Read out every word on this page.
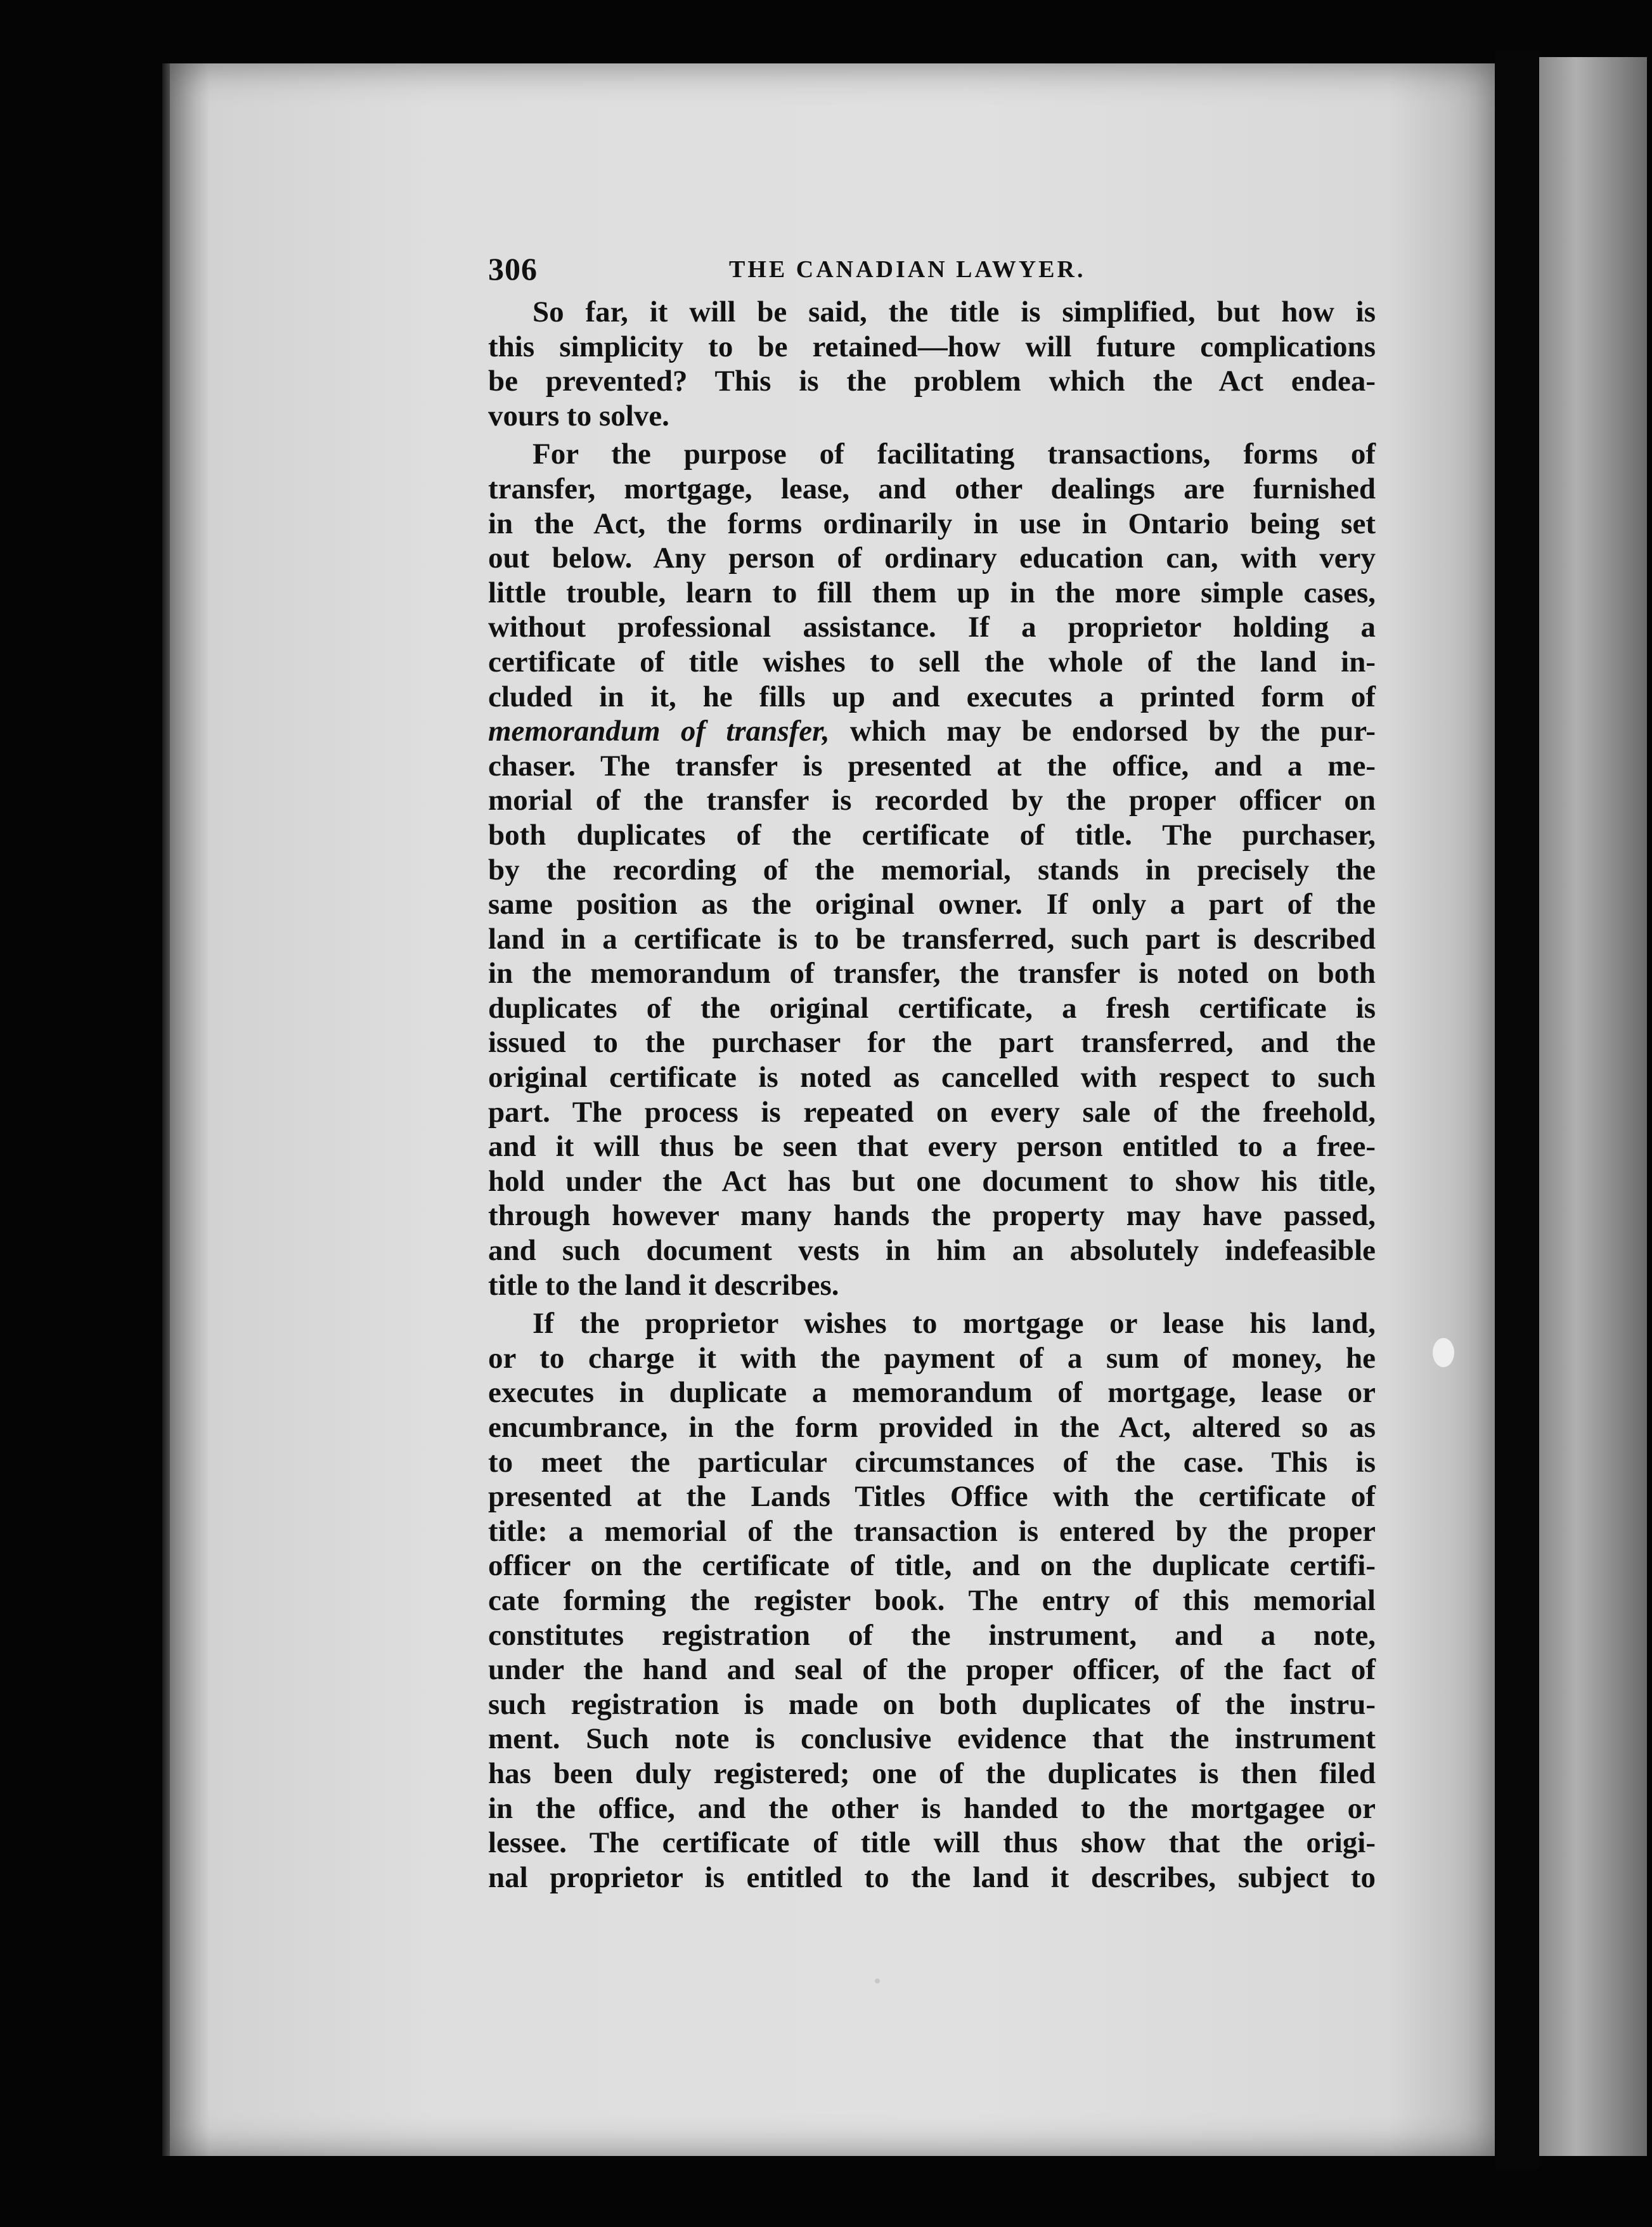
306	THE CANADIAN LAWYER.
So far, it will be said, the title is simplified, but how is
this simplicity to be retained—how will future complications
be prevented? This is the problem which the Act endea-
vours to solve.
For the purpose of facilitating transactions, forms of
transfer, mortgage, lease, and other dealings are furnished
in the Act, the forms ordinarily in use in Ontario being set
out below. Any person of ordinary education can, with very
little trouble, learn to fill them up in the more simple cases,
without professional assistance. If a proprietor holding a
certificate of title wishes to sell the whole of the land in-
cluded in it, he fills up and executes a printed form of
memorandum of transfer, which may be endorsed by the pur-
chaser. The transfer is presented at the office, and a me-
morial of the transfer is recorded by the proper officer on
both duplicates of the certificate of title. The purchaser,
by the recording of the memorial, stands in precisely the
same position as the original owner. If only a part of the
land in a certificate is to be transferred, such part is described
in the memorandum of transfer, the transfer is noted on both
duplicates of the original certificate, a fresh certificate is
issued to the purchaser for the part transferred, and the
original certificate is noted as cancelled with respect to such
part. The process is repeated on every sale of the freehold,
and it will thus be seen that every person entitled to a free-
hold under the Act has but one document to show his title,
through however many hands the property may have passed,
and such document vests in him an absolutely indefeasible
title to the land it describes.
If the proprietor wishes to mortgage or lease his land,
or to charge it with the payment of a sum of money, he
executes in duplicate a memorandum of mortgage, lease or
encumbrance, in the form provided in the Act, altered so as
to meet the particular circumstances of the case. This is
presented at the Lands Titles Office with the certificate of
title: a memorial of the transaction is entered by the proper
officer on the certificate of title, and on the duplicate certifi-
cate forming the register book. The entry of this memorial
constitutes registration of the instrument, and a note,
under the hand and seal of the proper officer, of the fact of
such registration is made on both duplicates of the instru-
ment. Such note is conclusive evidence that the instrument
has been duly registered; one of the duplicates is then filed
in the office, and the other is handed to the mortgagee or
lessee. The certificate of title will thus show that the origi-
nal proprietor is entitled to the land it describes, subject to
